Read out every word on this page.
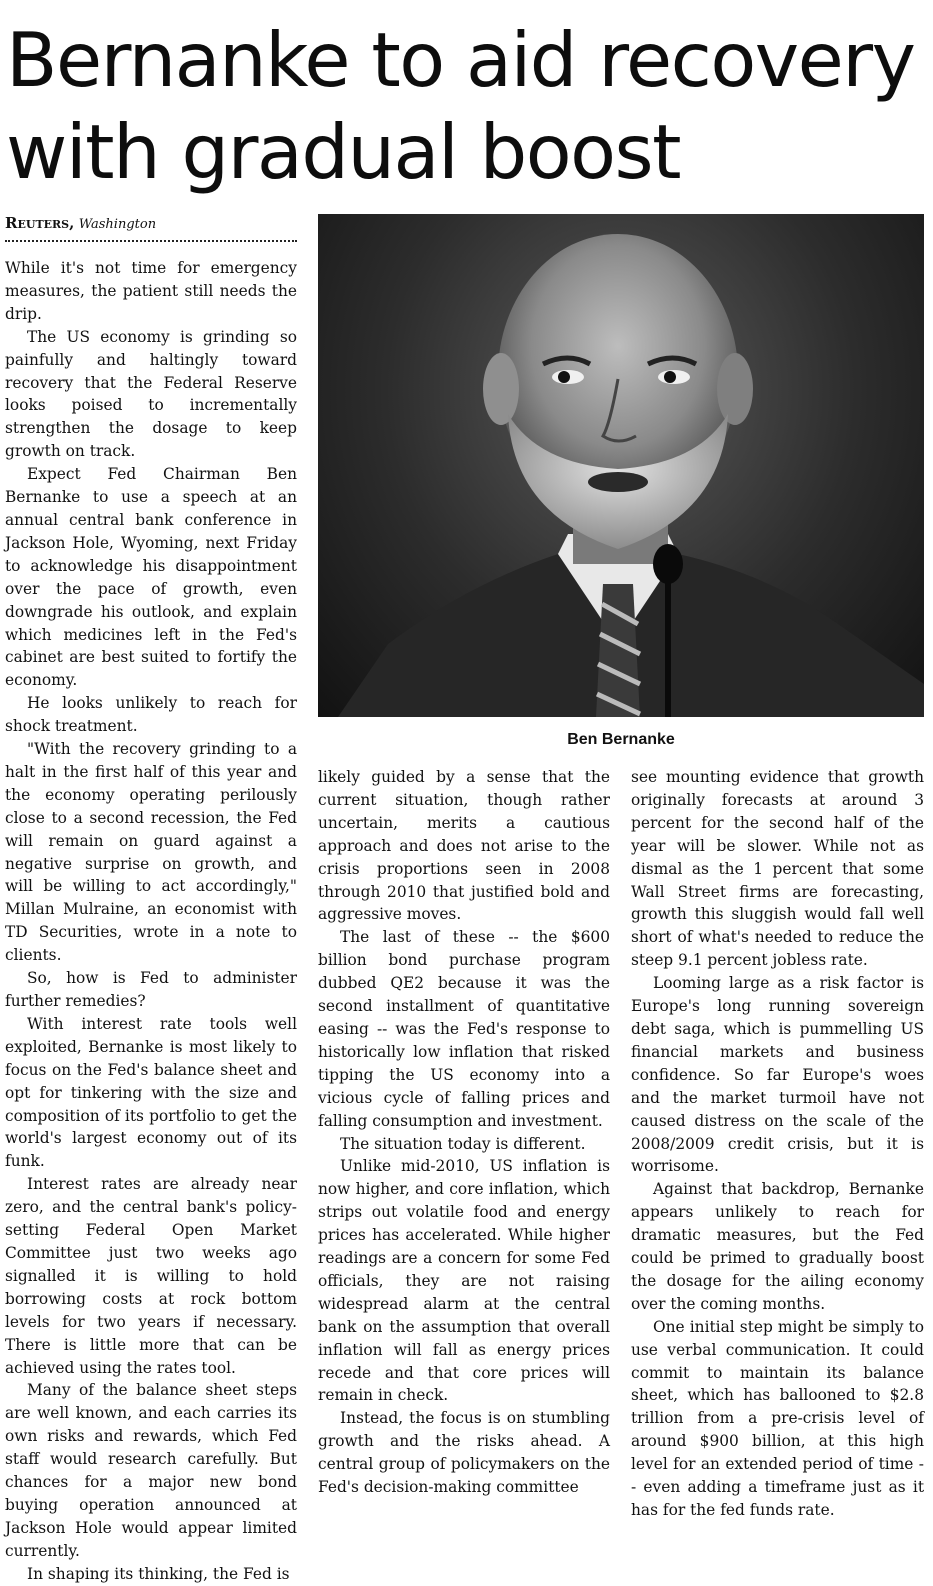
Bernanke to aid recovery
with gradual boost
Reuters, Washington
Ben Bernanke

While it's not time for emergency measures, the patient still needs the drip.

The US economy is grinding so painfully and haltingly toward recovery that the Federal Reserve looks poised to incrementally strengthen the dosage to keep growth on track.

Expect Fed Chairman Ben Bernanke to use a speech at an annual central bank conference in Jackson Hole, Wyoming, next Friday to acknowledge his disappointment over the pace of growth, even downgrade his outlook, and explain which medicines left in the Fed's cabinet are best suited to fortify the economy.

He looks unlikely to reach for shock treatment.

"With the recovery grinding to a halt in the first half of this year and the economy operating perilously close to a second recession, the Fed will remain on guard against a negative surprise on growth, and will be willing to act accordingly," Millan Mulraine, an economist with TD Securities, wrote in a note to clients.

So, how is Fed to administer further remedies?

With interest rate tools well exploited, Bernanke is most likely to focus on the Fed's balance sheet and opt for tinkering with the size and composition of its portfolio to get the world's largest economy out of its funk.

Interest rates are already near zero, and the central bank's policy-setting Federal Open Market Committee just two weeks ago signalled it is willing to hold borrowing costs at rock bottom levels for two years if necessary. There is little more that can be achieved using the rates tool.

Many of the balance sheet steps are well known, and each carries its own risks and rewards, which Fed staff would research carefully. But chances for a major new bond buying operation announced at Jackson Hole would appear limited currently.

In shaping its thinking, the Fed is

likely guided by a sense that the current situation, though rather uncertain, merits a cautious approach and does not arise to the crisis proportions seen in 2008 through 2010 that justified bold and aggressive moves.

The last of these -- the $600 billion bond purchase program dubbed QE2 because it was the second installment of quantitative easing -- was the Fed's response to historically low inflation that risked tipping the US economy into a vicious cycle of falling prices and falling consumption and investment.

The situation today is different.

Unlike mid-2010, US inflation is now higher, and core inflation, which strips out volatile food and energy prices has accelerated. While higher readings are a concern for some Fed officials, they are not raising widespread alarm at the central bank on the assumption that overall inflation will fall as energy prices recede and that core prices will remain in check.

Instead, the focus is on stumbling growth and the risks ahead. A central group of policymakers on the Fed's decision-making committee

see mounting evidence that growth originally forecasts at around 3 percent for the second half of the year will be slower. While not as dismal as the 1 percent that some Wall Street firms are forecasting, growth this sluggish would fall well short of what's needed to reduce the steep 9.1 percent jobless rate.

Looming large as a risk factor is Europe's long running sovereign debt saga, which is pummelling US financial markets and business confidence. So far Europe's woes and the market turmoil have not caused distress on the scale of the 2008/2009 credit crisis, but it is worrisome.

Against that backdrop, Bernanke appears unlikely to reach for dramatic measures, but the Fed could be primed to gradually boost the dosage for the ailing economy over the coming months.

One initial step might be simply to use verbal communication. It could commit to maintain its balance sheet, which has ballooned to $2.8 trillion from a pre-crisis level of around $900 billion, at this high level for an extended period of time -- even adding a timeframe just as it has for the fed funds rate.
